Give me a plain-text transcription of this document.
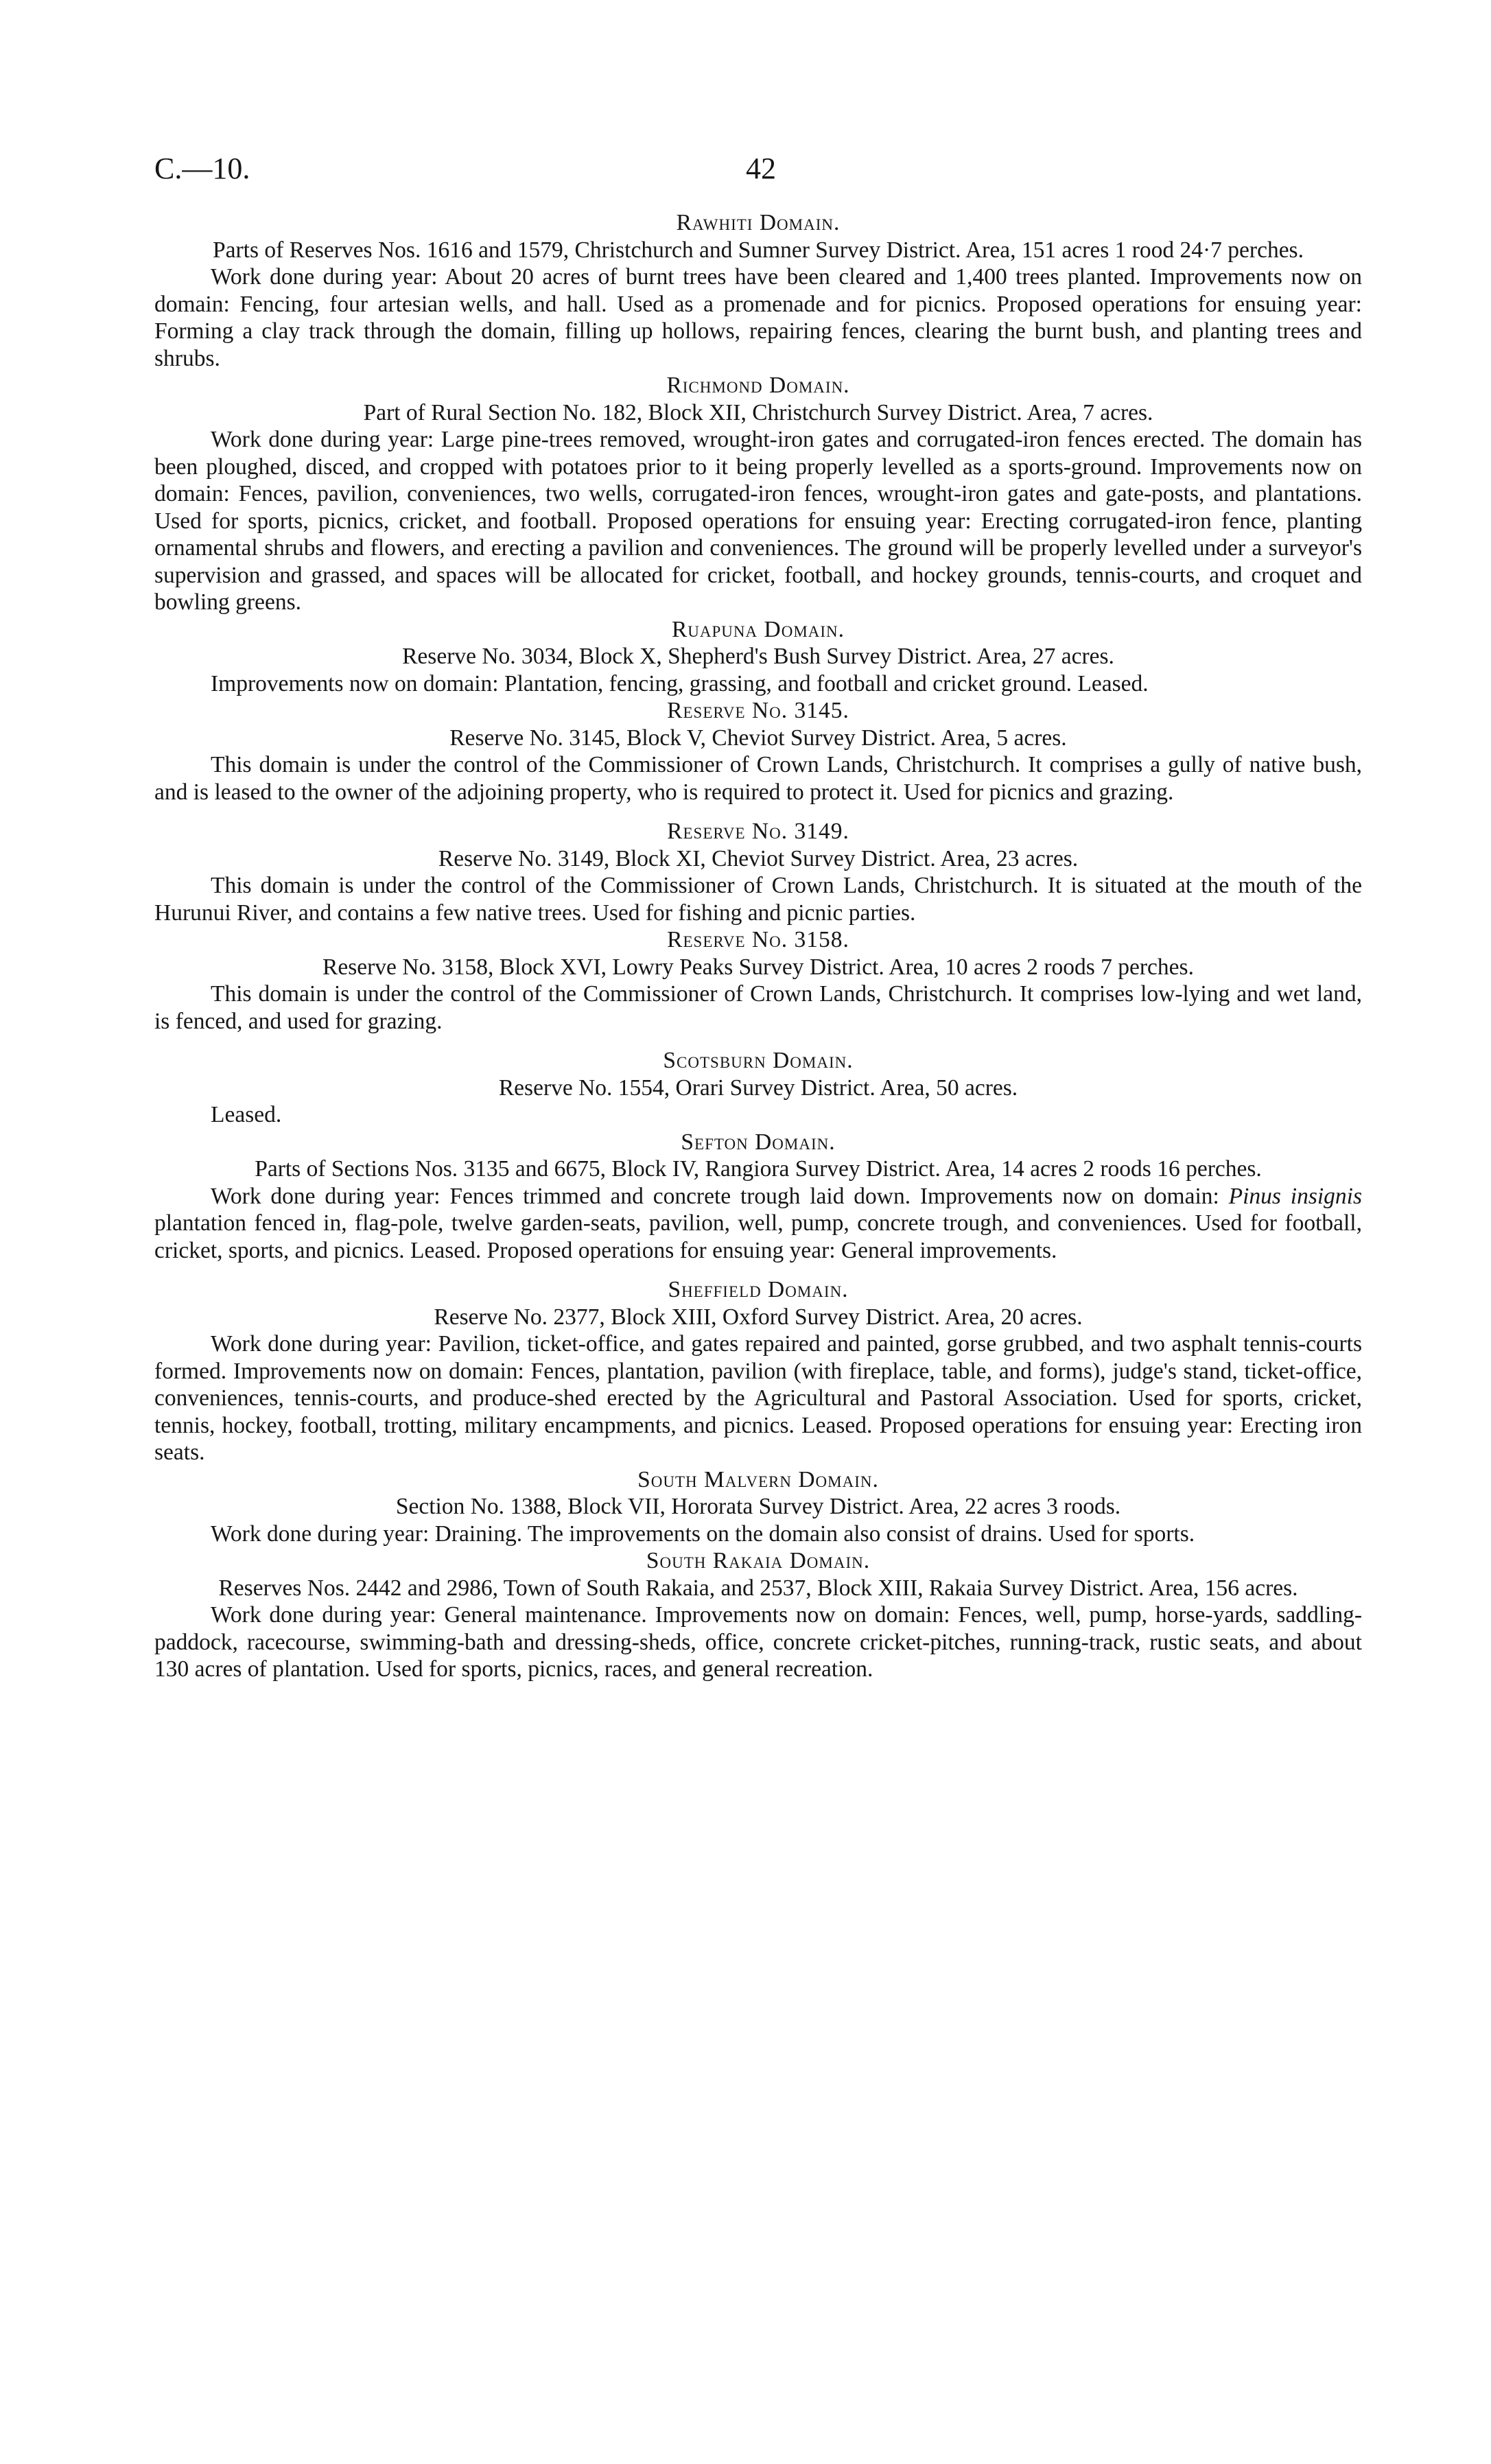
C.—10.	42

Rawhiti Domain.

Parts of Reserves Nos. 1616 and 1579, Christchurch and Sumner Survey District. Area, 151 acres 1 rood 24·7 perches.

Work done during year: About 20 acres of burnt trees have been cleared and 1,400 trees planted. Improvements now on domain: Fencing, four artesian wells, and hall. Used as a promenade and for picnics. Proposed operations for ensuing year: Forming a clay track through the domain, filling up hollows, repairing fences, clearing the burnt bush, and planting trees and shrubs.

Richmond Domain.

Part of Rural Section No. 182, Block XII, Christchurch Survey District. Area, 7 acres.

Work done during year: Large pine-trees removed, wrought-iron gates and corrugated-iron fences erected. The domain has been ploughed, disced, and cropped with potatoes prior to it being properly levelled as a sports-ground. Improvements now on domain: Fences, pavilion, conveniences, two wells, corrugated-iron fences, wrought-iron gates and gate-posts, and plantations. Used for sports, picnics, cricket, and football. Proposed operations for ensuing year: Erecting corrugated-iron fence, planting ornamental shrubs and flowers, and erecting a pavilion and conveniences. The ground will be properly levelled under a surveyor's supervision and grassed, and spaces will be allocated for cricket, football, and hockey grounds, tennis-courts, and croquet and bowling greens.

Ruapuna Domain.

Reserve No. 3034, Block X, Shepherd's Bush Survey District. Area, 27 acres.

Improvements now on domain: Plantation, fencing, grassing, and football and cricket ground. Leased.

Reserve No. 3145.

Reserve No. 3145, Block V, Cheviot Survey District. Area, 5 acres.

This domain is under the control of the Commissioner of Crown Lands, Christchurch. It comprises a gully of native bush, and is leased to the owner of the adjoining property, who is required to protect it. Used for picnics and grazing.

Reserve No. 3149.

Reserve No. 3149, Block XI, Cheviot Survey District. Area, 23 acres.

This domain is under the control of the Commissioner of Crown Lands, Christchurch. It is situated at the mouth of the Hurunui River, and contains a few native trees. Used for fishing and picnic parties.

Reserve No. 3158.

Reserve No. 3158, Block XVI, Lowry Peaks Survey District. Area, 10 acres 2 roods 7 perches.

This domain is under the control of the Commissioner of Crown Lands, Christchurch. It comprises low-lying and wet land, is fenced, and used for grazing.

Scotsburn Domain.

Reserve No. 1554, Orari Survey District. Area, 50 acres.

Leased.

Sefton Domain.

Parts of Sections Nos. 3135 and 6675, Block IV, Rangiora Survey District. Area, 14 acres 2 roods 16 perches.

Work done during year: Fences trimmed and concrete trough laid down. Improvements now on domain: Pinus insignis plantation fenced in, flag-pole, twelve garden-seats, pavilion, well, pump, concrete trough, and conveniences. Used for football, cricket, sports, and picnics. Leased. Proposed operations for ensuing year: General improvements.

Sheffield Domain.

Reserve No. 2377, Block XIII, Oxford Survey District. Area, 20 acres.

Work done during year: Pavilion, ticket-office, and gates repaired and painted, gorse grubbed, and two asphalt tennis-courts formed. Improvements now on domain: Fences, plantation, pavilion (with fireplace, table, and forms), judge's stand, ticket-office, conveniences, tennis-courts, and produce-shed erected by the Agricultural and Pastoral Association. Used for sports, cricket, tennis, hockey, football, trotting, military encampments, and picnics. Leased. Proposed operations for ensuing year: Erecting iron seats.

South Malvern Domain.

Section No. 1388, Block VII, Hororata Survey District. Area, 22 acres 3 roods.

Work done during year: Draining. The improvements on the domain also consist of drains. Used for sports.

South Rakaia Domain.

Reserves Nos. 2442 and 2986, Town of South Rakaia, and 2537, Block XIII, Rakaia Survey District. Area, 156 acres.

Work done during year: General maintenance. Improvements now on domain: Fences, well, pump, horse-yards, saddling-paddock, racecourse, swimming-bath and dressing-sheds, office, concrete cricket-pitches, running-track, rustic seats, and about 130 acres of plantation. Used for sports, picnics, races, and general recreation.
